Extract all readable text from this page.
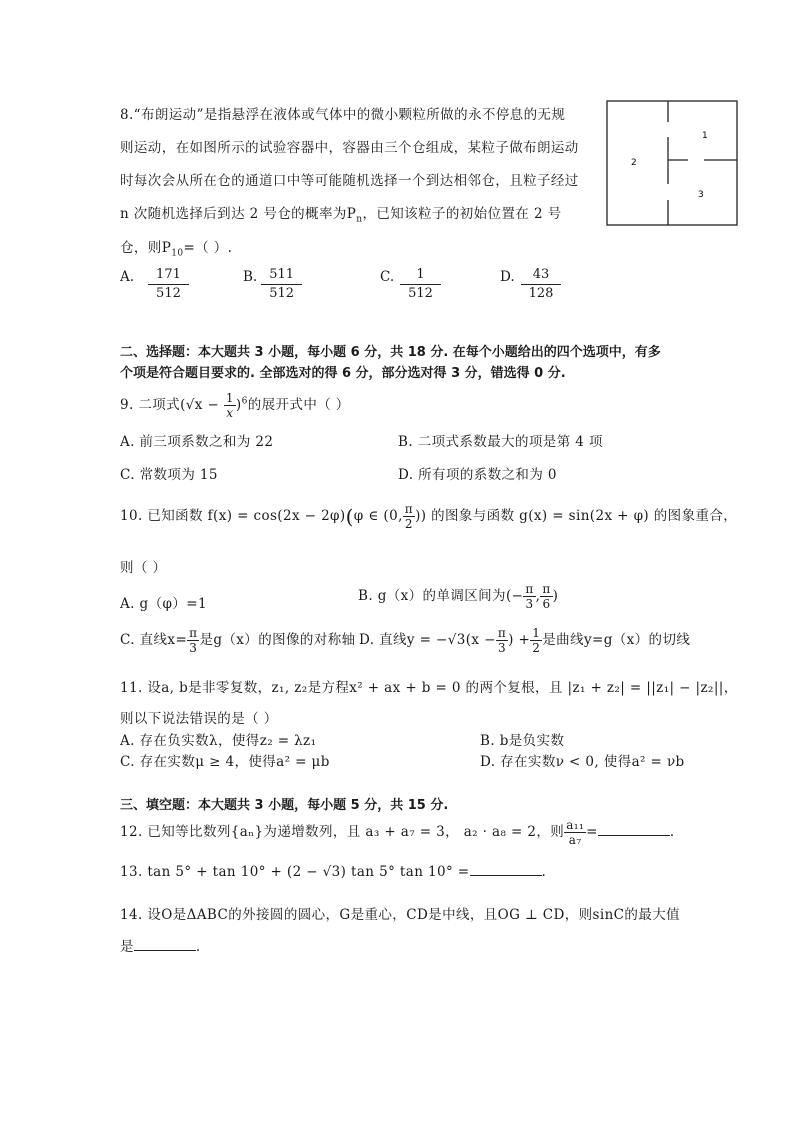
8.“布朗运动”是指悬浮在液体或气体中的微小颗粒所做的永不停息的无规
则运动，在如图所示的试验容器中，容器由三个仓组成，某粒子做布朗运动
时每次会从所在仓的通道口中等可能随机选择一个到达相邻仓，且粒子经过
n 次随机选择后到达 2 号仓的概率为$P_n$，已知该粒子的初始位置在 2 号
仓，则$P_{10}=$（ ）.
1
2
3
A. $\frac{171}{512}$	B. $\frac{511}{512}$	C. $\frac{1}{512}$	D. $\frac{43}{128}$
二、选择题：本大题共 3 小题，每小题 6 分，共 18 分. 在每个小题给出的四个选项中，有多
个项是符合题目要求的. 全部选对的得 6 分，部分选对得 3 分，错选得 0 分.
9. 二项式$(√x - \frac{1}{x} )^6$的展开式中（ ）
A. 前三项系数之和为 22	B. 二项式系数最大的项是第 4 项
C. 常数项为 15	D. 所有项的系数之和为 0
10. 已知函数 f(x) = cos(2x − 2φ)(φ ∈ (0, $\frac{\pi}{2}$ )) 的图象与函数 g(x) = sin(2x + φ) 的图象重合，
则（ ）
A. g（φ）=1	B. g（x）的单调区间为(− $\frac{\pi}{3}$ , $\frac{\pi}{6}$ )
C. 直线$x= \frac{\pi}{3}$ 是g（x）的图像的对称轴 D. 直线$y = -√3(x - \frac{\pi}{3}$ ) + $\frac{1}{2}$ 是曲线y=g（x）的切线
11. 设a, b是非零复数，z₁, z₂是方程x² + ax + b = 0 的两个复根，且 |z₁ + z₂| = ||z₁| − |z₂||，
则以下说法错误的是（ ）
A. 存在负实数λ，使得z₂ = λz₁	B. b是负实数
C. 存在实数μ ≥ 4，使得a² = μb	D. 存在实数ν < 0, 使得a² = νb
三、填空题：本大题共 3 小题，每小题 5 分，共 15 分.
12. 已知等比数列{aₙ}为递增数列，且 a₃ + a₇ = 3， a₂ · a₈ = 2，则 $\frac{\text{a₁₁}}{\text{a₇}}$ =	.
13. tan 5° + tan 10° + (2 − √3) tan 5° tan 10° =	.
14. 设O是ΔABC的外接圆的圆心，G是重心，CD是中线，且OG ⊥ CD，则sinC的最大值
是	.
